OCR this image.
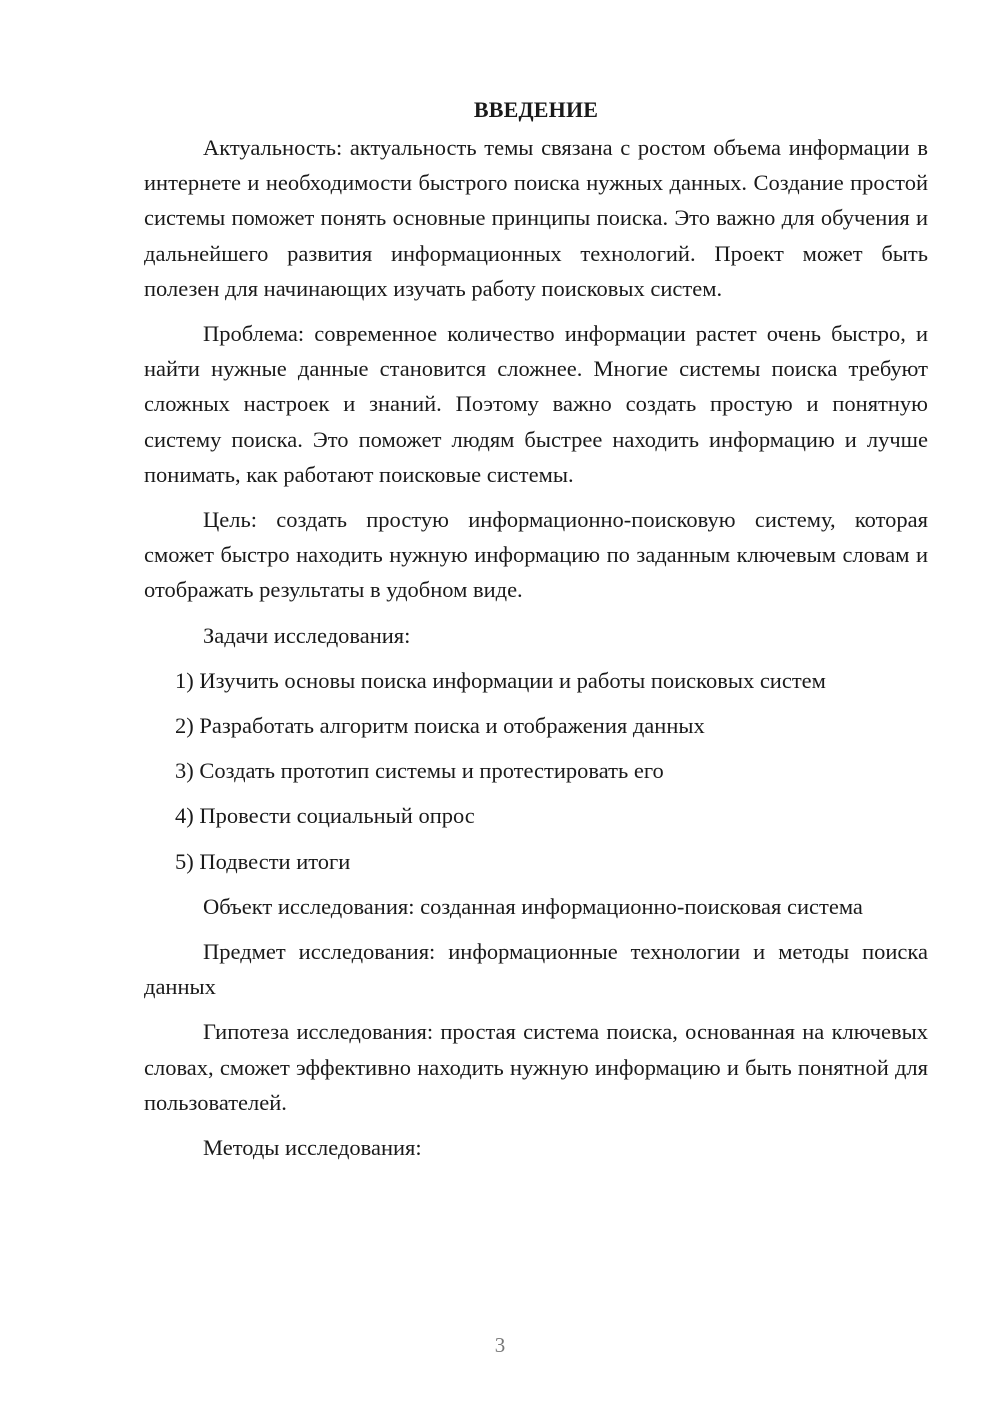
ВВЕДЕНИЕ

Актуальность: актуальность темы связана с ростом объема информации в интернете и необходимости быстрого поиска нужных данных. Создание простой системы поможет понять основные принципы поиска. Это важно для обучения и дальнейшего развития информационных технологий. Проект может быть полезен для начинающих изучать работу поисковых систем.

Проблема: современное количество информации растет очень быстро, и найти нужные данные становится сложнее. Многие системы поиска требуют сложных настроек и знаний. Поэтому важно создать простую и понятную систему поиска. Это поможет людям быстрее находить информацию и лучше понимать, как работают поисковые системы.

Цель: создать простую информационно-поисковую систему, которая сможет быстро находить нужную информацию по заданным ключевым словам и отображать результаты в удобном виде.

Задачи исследования:

1) Изучить основы поиска информации и работы поисковых систем
2) Разработать алгоритм поиска и отображения данных
3) Создать прототип системы и протестировать его
4) Провести социальный опрос
5) Подвести итоги

Объект исследования: созданная информационно-поисковая система

Предмет исследования: информационные технологии и методы поиска данных

Гипотеза исследования: простая система поиска, основанная на ключевых словах, сможет эффективно находить нужную информацию и быть понятной для пользователей.

Методы исследования:

3
